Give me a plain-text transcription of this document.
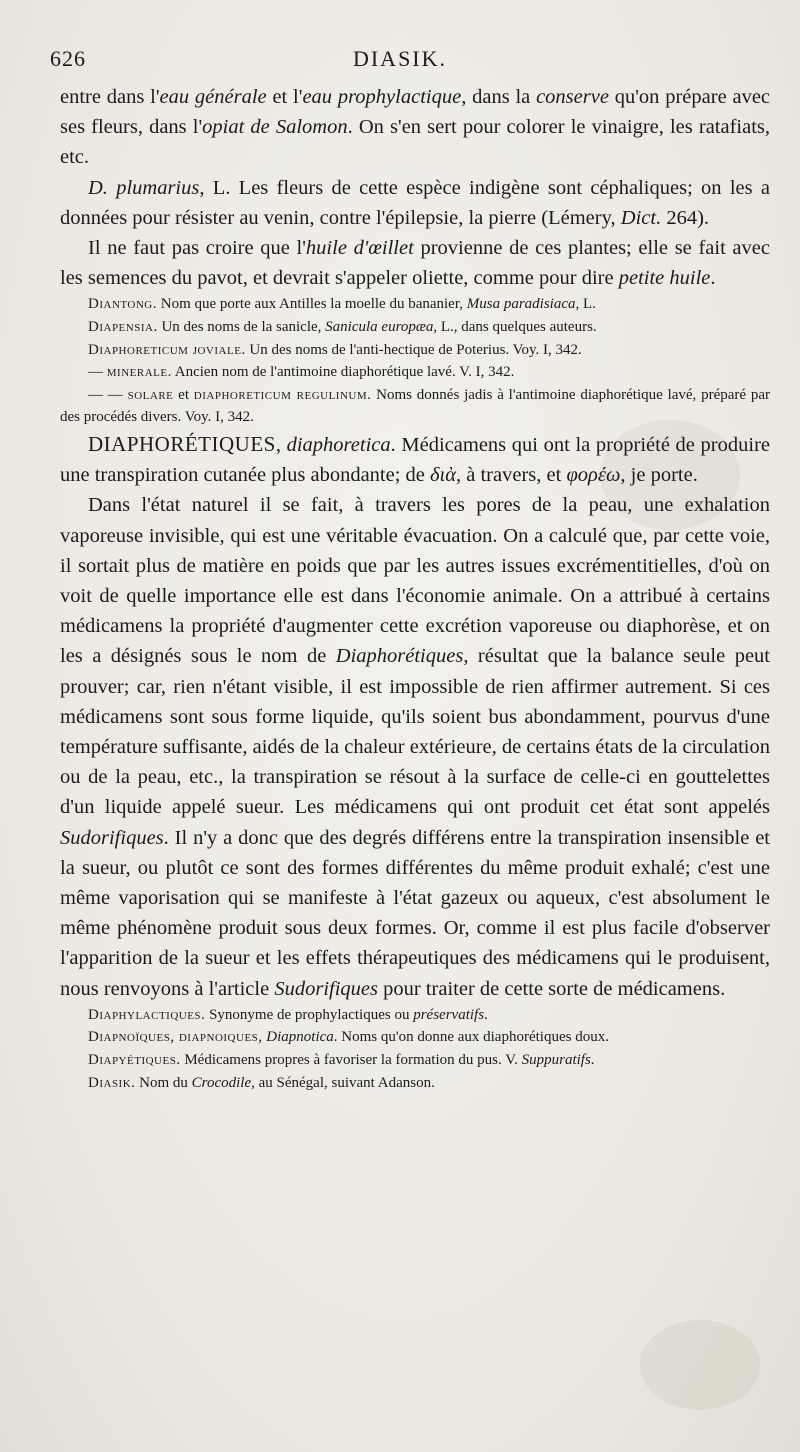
626	DIASIK.

entre dans l'eau générale et l'eau prophylactique, dans la conserve qu'on prépare avec ses fleurs, dans l'opiat de Salomon. On s'en sert pour colorer le vinaigre, les ratafiats, etc.

D. plumarius, L. Les fleurs de cette espèce indigène sont céphaliques; on les a données pour résister au venin, contre l'épilepsie, la pierre (Lémery, Dict. 264).

Il ne faut pas croire que l'huile d'œillet provienne de ces plantes; elle se fait avec les semences du pavot, et devrait s'appeler oliette, comme pour dire petite huile.

Diantong. Nom que porte aux Antilles la moelle du bananier, Musa paradisiaca, L.

Diapensia. Un des noms de la sanicle, Sanicula europæa, L., dans quelques auteurs.

Diaphoreticum joviale. Un des noms de l'anti-hectique de Poterius. Voy. I, 342.

— minerale. Ancien nom de l'antimoine diaphorétique lavé. V. I, 342.

— — solare et diaphoreticum regulinum. Noms donnés jadis à l'antimoine diaphorétique lavé, préparé par des procédés divers. Voy. I, 342.

DIAPHORÉTIQUES, diaphoretica. Médicamens qui ont la propriété de produire une transpiration cutanée plus abondante; de διὰ, à travers, et φορέω, je porte.

Dans l'état naturel il se fait, à travers les pores de la peau, une exhalation vaporeuse invisible, qui est une véritable évacuation. On a calculé que, par cette voie, il sortait plus de matière en poids que par les autres issues excrémentitielles, d'où on voit de quelle importance elle est dans l'économie animale. On a attribué à certains médicamens la propriété d'augmenter cette excrétion vaporeuse ou diaphorèse, et on les a désignés sous le nom de Diaphorétiques, résultat que la balance seule peut prouver; car, rien n'étant visible, il est impossible de rien affirmer autrement. Si ces médicamens sont sous forme liquide, qu'ils soient bus abondamment, pourvus d'une température suffisante, aidés de la chaleur extérieure, de certains états de la circulation ou de la peau, etc., la transpiration se résout à la surface de celle-ci en gouttelettes d'un liquide appelé sueur. Les médicamens qui ont produit cet état sont appelés Sudorifiques. Il n'y a donc que des degrés différens entre la transpiration insensible et la sueur, ou plutôt ce sont des formes différentes du même produit exhalé; c'est une même vaporisation qui se manifeste à l'état gazeux ou aqueux, c'est absolument le même phénomène produit sous deux formes. Or, comme il est plus facile d'observer l'apparition de la sueur et les effets thérapeutiques des médicamens qui le produisent, nous renvoyons à l'article Sudorifiques pour traiter de cette sorte de médicamens.

Diaphylactiques. Synonyme de prophylactiques ou préservatifs.

Diapnoïques, diapnoiques, Diapnotica. Noms qu'on donne aux diaphorétiques doux.

Diapyétiques. Médicamens propres à favoriser la formation du pus. V. Suppuratifs.

Diasik. Nom du Crocodile, au Sénégal, suivant Adanson.
